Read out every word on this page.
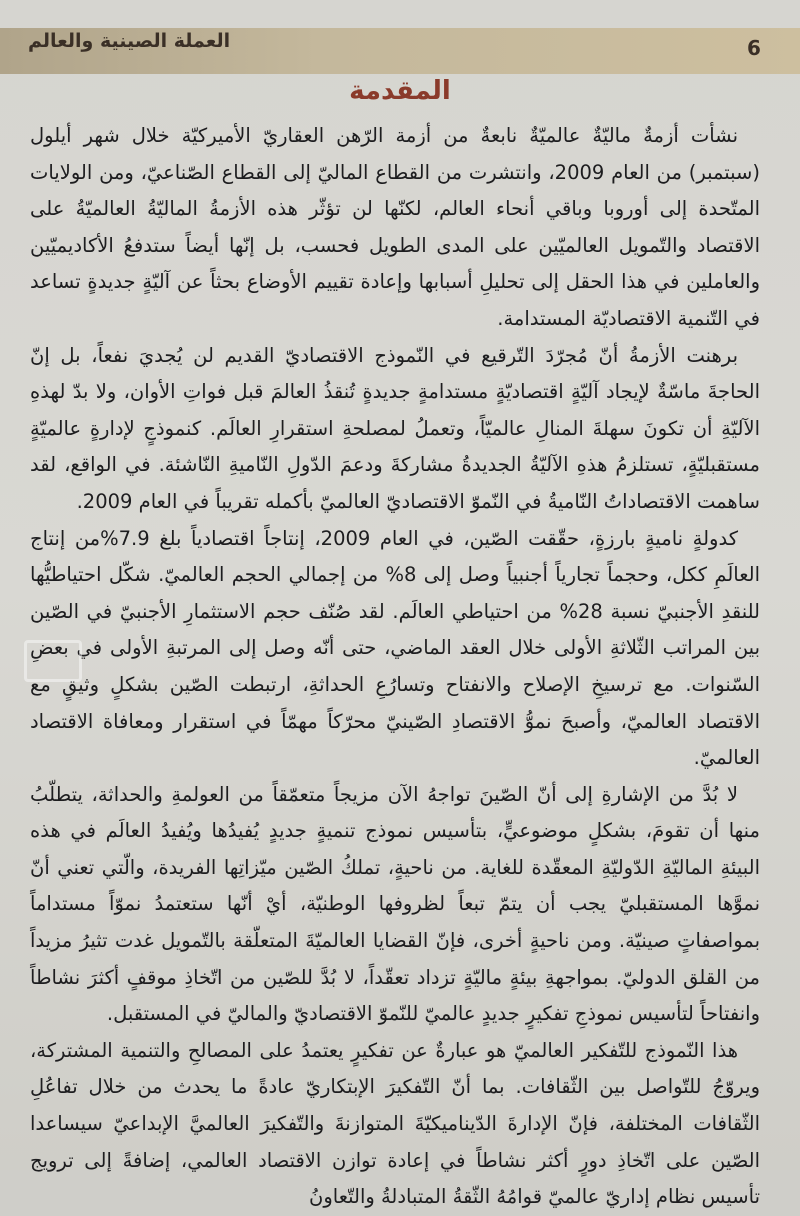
العملة الصينية والعالم	6
المقدمة

نشأت أزمةٌ ماليّةٌ عالميّةٌ نابعةٌ من أزمة الرّهن العقاريّ الأميركيّة خلال شهر أيلول (سبتمبر) من العام 2009، وانتشرت من القطاع الماليّ إلى القطاع الصّناعيّ، ومن الولايات المتّحدة إلى أوروبا وباقي أنحاء العالم، لكنّها لن تؤثّر هذه الأزمةُ الماليّةُ العالميّةُ على الاقتصاد والتّمويل العالميّين على المدى الطويل فحسب، بل إنّها أيضاً ستدفعُ الأكاديميّين والعاملين في هذا الحقل إلى تحليلِ أسبابها وإعادة تقييم الأوضاع بحثاً عن آليّةٍ جديدةٍ تساعد في التّنمية الاقتصاديّة المستدامة.

برهنت الأزمةُ أنّ مُجرّدَ التّرقيع في النّموذج الاقتصاديّ القديم لن يُجديَ نفعاً، بل إنّ الحاجةَ ماسّةٌ لإيجاد آليّةٍ اقتصاديّةٍ مستدامةٍ جديدةٍ تُنقذُ العالمَ قبل فواتِ الأوان، ولا بدّ لهذهِ الآليّةِ أن تكونَ سهلةَ المنالِ عالميّاً، وتعملُ لمصلحةِ استقرارِ العالَم. كنموذجٍ لإدارةٍ عالميّةٍ مستقبليّةٍ، تستلزمُ هذهِ الآليّةُ الجديدةُ مشاركةَ ودعمَ الدّولِ النّاميةِ النّاشئة. في الواقع، لقد ساهمت الاقتصاداتُ النّاميةُ في النّموّ الاقتصاديّ العالميّ بأكمله تقريباً في العام 2009.

كدولةٍ ناميةٍ بارزةٍ، حقّقت الصّين، في العام 2009، إنتاجاً اقتصادياً بلغ 7.9%من إنتاج العالَمِ ككل، وحجماً تجارياً أجنبياً وصل إلى 8% من إجمالي الحجم العالميّ. شكّل احتياطيُّها للنقدِ الأجنبيّ نسبة 28% من احتياطي العالَم. لقد صُنّف حجم الاستثمارِ الأجنبيّ في الصّين بين المراتب الثّلاثةِ الأولى خلال العقد الماضي، حتى أنّه وصل إلى المرتبةِ الأولى في بعضِ السّنوات. مع ترسيخِ الإصلاح والانفتاح وتسارُعِ الحداثةِ، ارتبطت الصّين بشكلٍ وثيقٍ مع الاقتصاد العالميّ، وأصبحَ نموُّ الاقتصادِ الصّينيّ محرّكاً مهمّاً في استقرار ومعافاة الاقتصاد العالميّ.

لا بُدَّ من الإشارةِ إلى أنّ الصّينَ تواجهُ الآن مزيجاً متعمّقاً من العولمةِ والحداثة، يتطلّبُ منها أن تقومَ، بشكلٍ موضوعيٍّ، بتأسيس نموذج تنميةٍ جديدٍ يُفيدُها ويُفيدُ العالَم في هذه البيئةِ الماليّةِ الدّوليّةِ المعقّدة للغاية. من ناحيةٍ، تملكُ الصّين ميّزاتِها الفريدة، والّتي تعني أنّ نموَّها المستقبليّ يجب أن يتمّ تبعاً لظروفها الوطنيّة، أيْ أنّها ستعتمدُ نموّاً مستداماً بمواصفاتٍ صينيّة. ومن ناحيةٍ أخرى، فإنّ القضايا العالميّةَ المتعلّقة بالتّمويل غدت تثيرُ مزيداً من القلق الدوليّ. بمواجهةِ بيئةٍ ماليّةٍ تزداد تعقّداً، لا بُدَّ للصّين من اتّخاذِ موقفٍ أكثرَ نشاطاً وانفتاحاً لتأسيس نموذجِ تفكيرٍ جديدٍ عالميّ للنّموّ الاقتصاديّ والماليّ في المستقبل.

هذا النّموذج للتّفكير العالميّ هو عبارةٌ عن تفكيرٍ يعتمدُ على المصالحِ والتنمية المشتركة، ويروّجُ للتّواصل بين الثّقافات. بما أنّ التّفكيرَ الإبتكاريّ عادةً ما يحدث من خلال تفاعُلِ الثّقافات المختلفة، فإنّ الإدارةَ الدّيناميكيّةَ المتوازنةَ والتّفكيرَ العالميَّ الإبداعيّ سيساعدا الصّين على اتّخاذِ دورٍ أكثر نشاطاً في إعادة توازن الاقتصاد العالمي، إضافةً إلى ترويج تأسيس نظام إداريّ عالميّ قوامُهُ الثّقةُ المتبادلةُ والتّعاونُ
